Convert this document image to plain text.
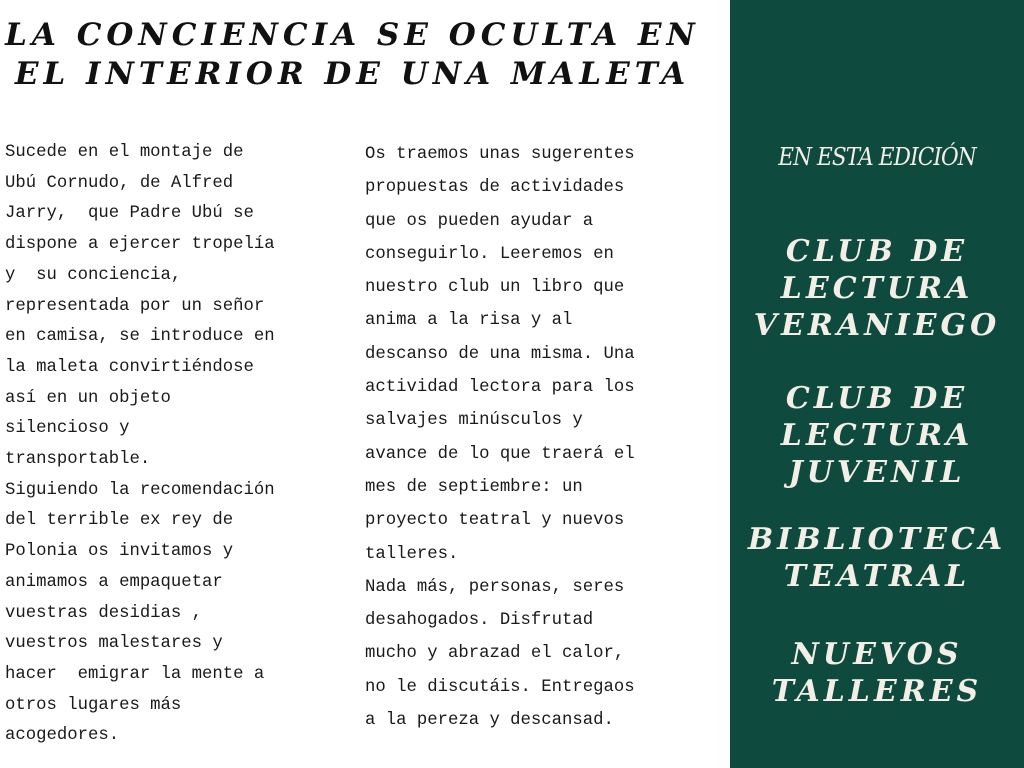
LA CONCIENCIA SE OCULTA EN
EL INTERIOR DE UNA MALETA
Sucede en el montaje de
Ubú Cornudo, de Alfred
Jarry,  que Padre Ubú se
dispone a ejercer tropelía
y  su conciencia,
representada por un señor
en camisa, se introduce en
la maleta convirtiéndose
así en un objeto
silencioso y
transportable.
Siguiendo la recomendación
del terrible ex rey de
Polonia os invitamos y
animamos a empaquetar
vuestras desidias ,
vuestros malestares y
hacer  emigrar la mente a
otros lugares más
acogedores.
Os traemos unas sugerentes
propuestas de actividades
que os pueden ayudar a
conseguirlo. Leeremos en
nuestro club un libro que
anima a la risa y al
descanso de una misma. Una
actividad lectora para los
salvajes minúsculos y
avance de lo que traerá el
mes de septiembre: un
proyecto teatral y nuevos
talleres.
Nada más, personas, seres
desahogados. Disfrutad
mucho y abrazad el calor,
no le discutáis. Entregaos
a la pereza y descansad.
EN ESTA EDICIÓN
CLUB DE
LECTURA
VERANIEGO
CLUB DE
LECTURA
JUVENIL
BIBLIOTECA
TEATRAL
NUEVOS
TALLERES
